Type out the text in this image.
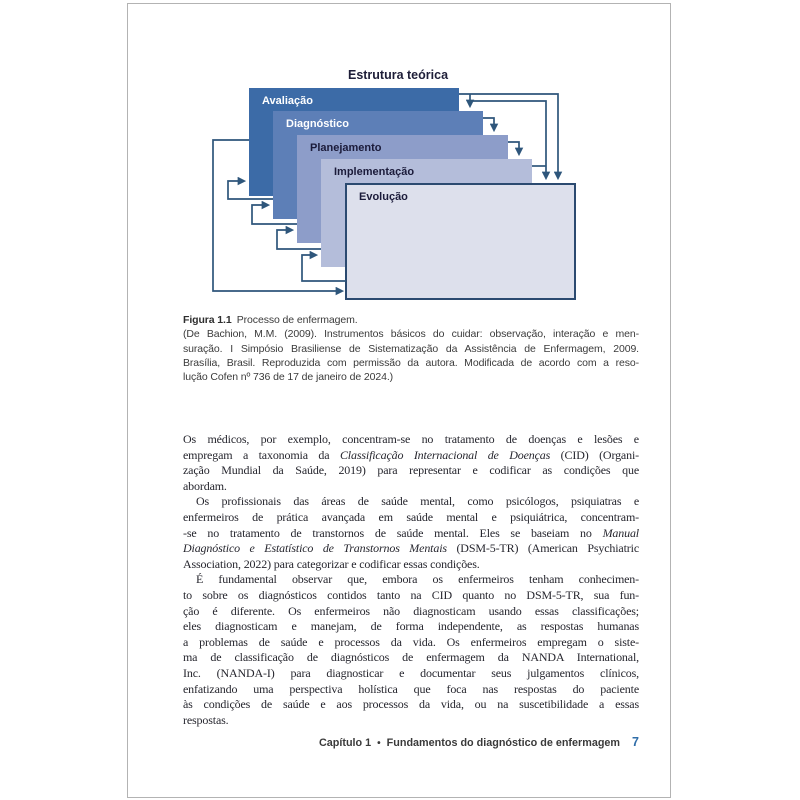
Estrutura teórica
Avaliação
Diagnóstico
Planejamento
Implementação
Evolução
Figura 1.1 Processo de enfermagem.
(De Bachion, M.M. (2009). Instrumentos básicos do cuidar: observação, interação e men-
suração. I Simpósio Brasiliense de Sistematização da Assistência de Enfermagem, 2009.
Brasília, Brasil. Reproduzida com permissão da autora. Modificada de acordo com a reso-
lução Cofen nº 736 de 17 de janeiro de 2024.)
Os médicos, por exemplo, concentram-se no tratamento de doenças e lesões e
empregam a taxonomia da Classificação Internacional de Doenças (CID) (Organi-
zação Mundial da Saúde, 2019) para representar e codificar as condições que
abordam.
Os profissionais das áreas de saúde mental, como psicólogos, psiquiatras e
enfermeiros de prática avançada em saúde mental e psiquiátrica, concentram-
-se no tratamento de transtornos de saúde mental. Eles se baseiam no Manual
Diagnóstico e Estatístico de Transtornos Mentais (DSM-5-TR) (American Psychiatric
Association, 2022) para categorizar e codificar essas condições.
É fundamental observar que, embora os enfermeiros tenham conhecimen-
to sobre os diagnósticos contidos tanto na CID quanto no DSM-5-TR, sua fun-
ção é diferente. Os enfermeiros não diagnosticam usando essas classificações;
eles diagnosticam e manejam, de forma independente, as respostas humanas
a problemas de saúde e processos da vida. Os enfermeiros empregam o siste-
ma de classificação de diagnósticos de enfermagem da NANDA International,
Inc. (NANDA-I) para diagnosticar e documentar seus julgamentos clínicos,
enfatizando uma perspectiva holística que foca nas respostas do paciente
às condições de saúde e aos processos da vida, ou na suscetibilidade a essas
respostas.
Capítulo 1 • Fundamentos do diagnóstico de enfermagem 7
